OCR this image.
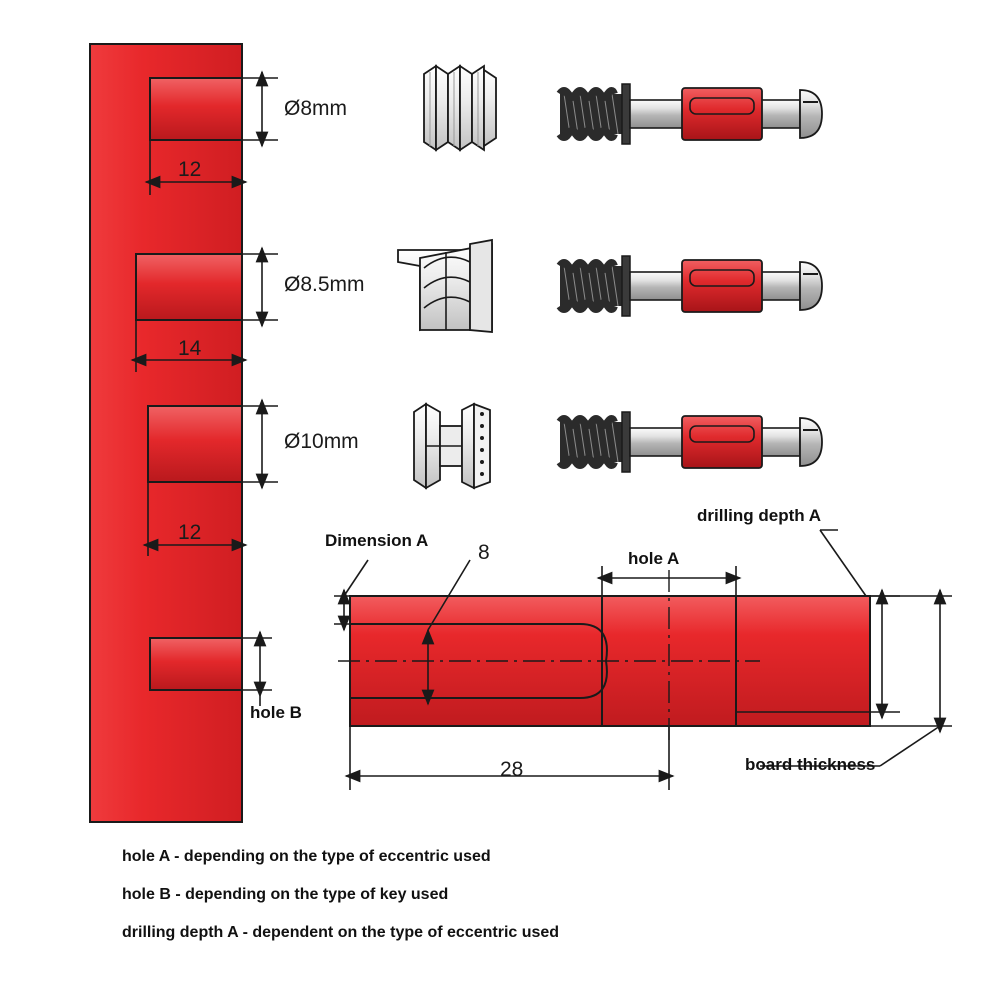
Ø8mm
12
Ø8.5mm
14
Ø10mm
12
hole B
Dimension A
8	hole A
drilling depth A
board thickness
28
hole A - depending on the type of eccentric used
hole B - depending on the type of key used
drilling depth A - dependent on the type of eccentric used
